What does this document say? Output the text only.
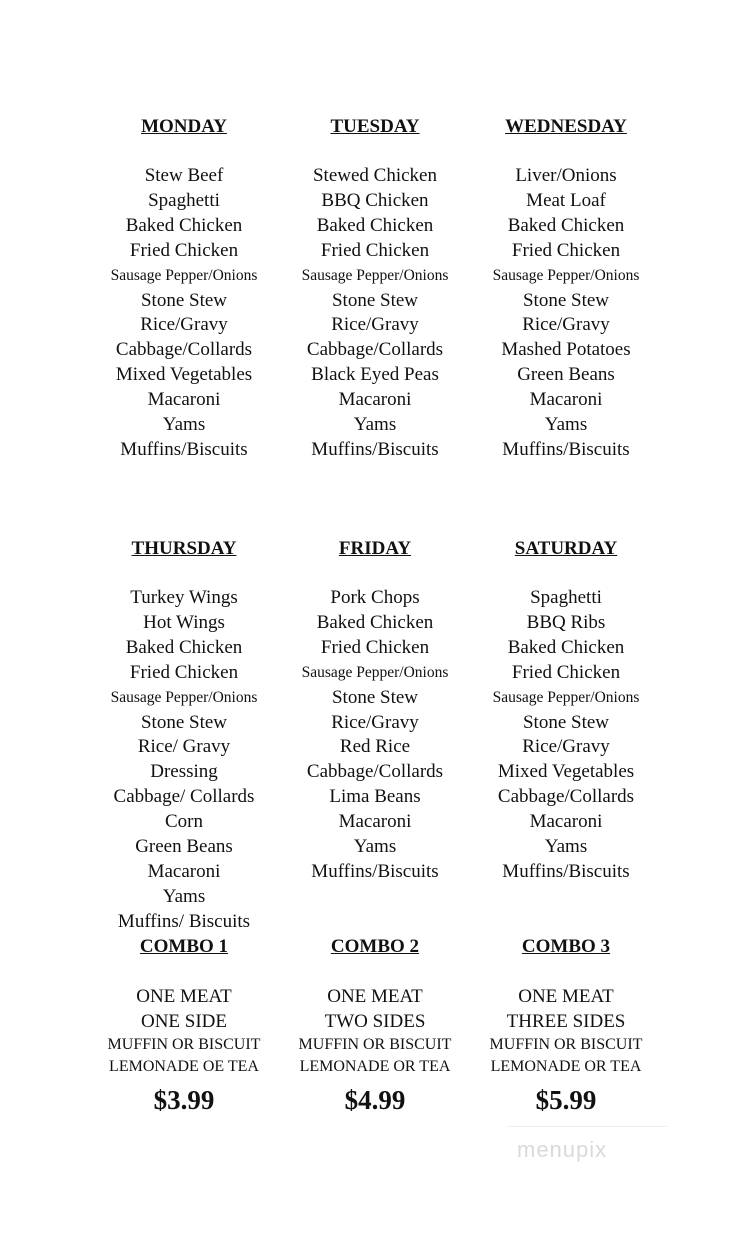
MONDAY
Stew Beef
Spaghetti
Baked Chicken
Fried Chicken
Sausage Pepper/Onions
Stone Stew
Rice/Gravy
Cabbage/Collards
Mixed Vegetables
Macaroni
Yams
Muffins/Biscuits
TUESDAY
Stewed Chicken
BBQ Chicken
Baked Chicken
Fried Chicken
Sausage Pepper/Onions
Stone Stew
Rice/Gravy
Cabbage/Collards
Black Eyed Peas
Macaroni
Yams
Muffins/Biscuits
WEDNESDAY
Liver/Onions
Meat Loaf
Baked Chicken
Fried Chicken
Sausage Pepper/Onions
Stone Stew
Rice/Gravy
Mashed Potatoes
Green Beans
Macaroni
Yams
Muffins/Biscuits
THURSDAY
Turkey Wings
Hot Wings
Baked Chicken
Fried Chicken
Sausage Pepper/Onions
Stone Stew
Rice/ Gravy
Dressing
Cabbage/ Collards
Corn
Green Beans
Macaroni
Yams
Muffins/ Biscuits
FRIDAY
Pork Chops
Baked Chicken
Fried Chicken
Sausage Pepper/Onions
Stone Stew
Rice/Gravy
Red Rice
Cabbage/Collards
Lima Beans
Macaroni
Yams
Muffins/Biscuits
SATURDAY
Spaghetti
BBQ Ribs
Baked Chicken
Fried Chicken
Sausage Pepper/Onions
Stone Stew
Rice/Gravy
Mixed Vegetables
Cabbage/Collards
Macaroni
Yams
Muffins/Biscuits
COMBO 1
ONE MEAT
ONE SIDE
MUFFIN OR BISCUIT
LEMONADE OE TEA
$3.99
COMBO 2
ONE MEAT
TWO SIDES
MUFFIN OR BISCUIT
LEMONADE OR TEA
$4.99
COMBO 3
ONE MEAT
THREE SIDES
MUFFIN OR BISCUIT
LEMONADE OR TEA
$5.99
menupix
